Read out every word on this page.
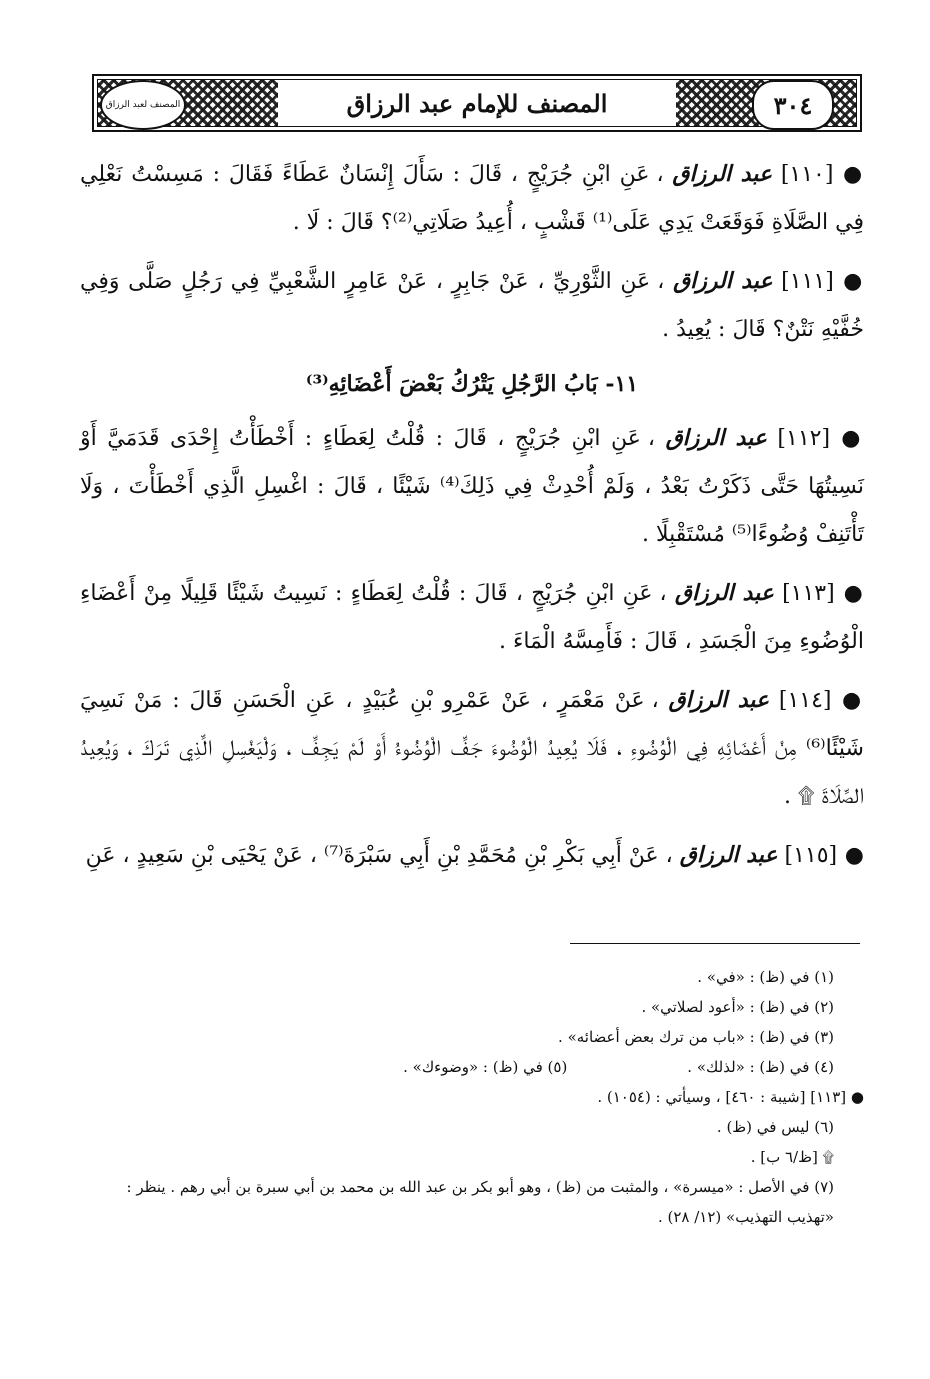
المصنف للإمام عبد الرزاق
المصنف لعبد الرزاق	٣٠٤
● [١١٠] عبد الرزاق ، عَنِ ابْنِ جُرَيْجٍ ، قَالَ : سَأَلَ إِنْسَانٌ عَطَاءً فَقَالَ : مَسِسْتُ نَعْلِي فِي الصَّلَاةِ فَوَقَعَتْ يَدِي عَلَى⁽¹⁾ قَشْبٍ ، أُعِيدُ صَلَاتِي⁽²⁾؟ قَالَ : لَا .
● [١١١] عبد الرزاق ، عَنِ الثَّوْرِيِّ ، عَنْ جَابِرٍ ، عَنْ عَامِرٍ الشَّعْبِيِّ فِي رَجُلٍ صَلَّى وَفِي خُفَّيْهِ نَتْنٌ؟ قَالَ : يُعِيدُ .
١١- بَابُ الرَّجُلِ يَتْرُكُ بَعْضَ أَعْضَائِهِ⁽³⁾
● [١١٢] عبد الرزاق ، عَنِ ابْنِ جُرَيْجٍ ، قَالَ : قُلْتُ لِعَطَاءٍ : أَخْطَأْتُ إِحْدَى قَدَمَيَّ أَوْ نَسِيتُهَا حَتَّى ذَكَرْتُ بَعْدُ ، وَلَمْ أُحْدِثْ فِي ذَلِكَ⁽⁴⁾ شَيْئًا ، قَالَ : اغْسِلِ الَّذِي أَخْطَأْتَ ، وَلَا تَأْتَنِفْ وُضُوءًا⁽⁵⁾ مُسْتَقْبِلًا .
● [١١٣] عبد الرزاق ، عَنِ ابْنِ جُرَيْجٍ ، قَالَ : قُلْتُ لِعَطَاءٍ : نَسِيتُ شَيْئًا قَلِيلًا مِنْ أَعْضَاءِ الْوُضُوءِ مِنَ الْجَسَدِ ، قَالَ : فَأَمِسَّهُ الْمَاءَ .
● [١١٤] عبد الرزاق ، عَنْ مَعْمَرٍ ، عَنْ عَمْرِو بْنِ عُبَيْدٍ ، عَنِ الْحَسَنِ قَالَ : مَنْ نَسِيَ شَيْئًا⁽⁶⁾ مِنْ أَعْضَائِهِ فِي الْوُضُوءِ ، فَلَا يُعِيدُ الْوُضُوءَ جَفَّ الْوُضُوءُ أَوْ لَمْ يَجِفَّ ، وَلْيَغْسِلِ الَّذِي تَرَكَ ، وَيُعِيدُ الصَّلَاةَ ۩ .
● [١١٥] عبد الرزاق ، عَنْ أَبِي بَكْرِ بْنِ مُحَمَّدِ بْنِ أَبِي سَبْرَةَ⁽⁷⁾ ، عَنْ يَحْيَى بْنِ سَعِيدٍ ، عَنِ
(١) في (ظ) : «في» .
(٢) في (ظ) : «أعود لصلاتي» .
(٣) في (ظ) : «باب من ترك بعض أعضائه» .
(٤) في (ظ) : «لذلك» .
(٥) في (ظ) : «وضوءك» .
● [١١٣] [شيبة : ٤٦٠] ، وسيأتي : (١٠٥٤) .
(٦) ليس في (ظ) .
۩ [ظ/٦ ب] .
(٧) في الأصل : «ميسرة» ، والمثبت من (ظ) ، وهو أبو بكر بن عبد الله بن محمد بن أبي سبرة بن أبي رهم . ينظر : «تهذيب التهذيب» (١٢/ ٢٨) .
